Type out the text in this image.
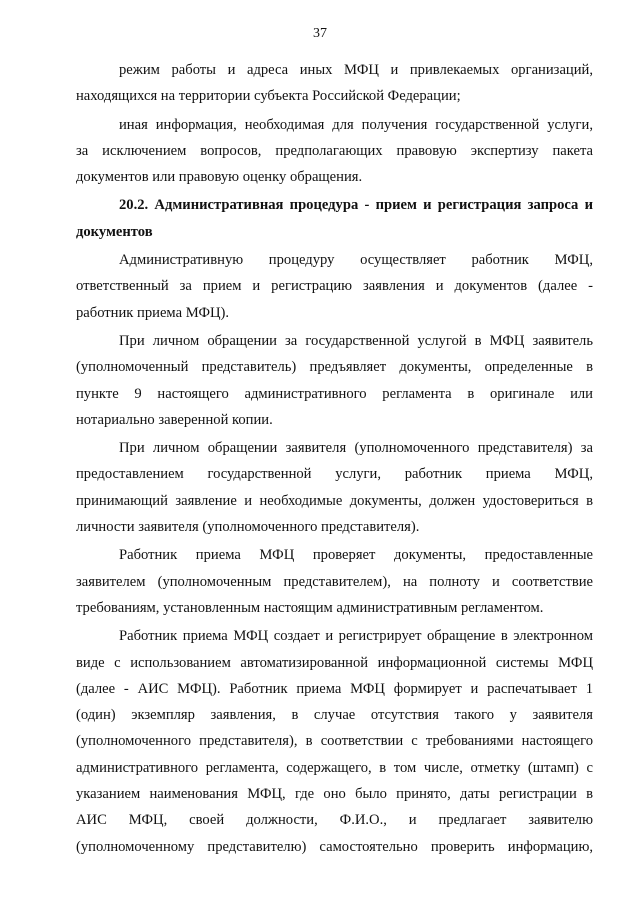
37
режим работы и адреса иных МФЦ и привлекаемых организаций,
находящихся на территории субъекта Российской Федерации;
иная информация, необходимая для получения государственной услуги,
за исключением вопросов, предполагающих правовую экспертизу пакета
документов или правовую оценку обращения.
20.2. Административная процедура - прием и регистрация запроса и
документов
Административную процедуру осуществляет работник МФЦ,
ответственный за прием и регистрацию заявления и документов (далее -
работник приема МФЦ).
При личном обращении за государственной услугой в МФЦ заявитель
(уполномоченный представитель) предъявляет документы, определенные в
пункте 9 настоящего административного регламента в оригинале или
нотариально заверенной копии.
При личном обращении заявителя (уполномоченного представителя) за
предоставлением государственной услуги, работник приема МФЦ,
принимающий заявление и необходимые документы, должен удостовериться в
личности заявителя (уполномоченного представителя).
Работник приема МФЦ проверяет документы, предоставленные
заявителем (уполномоченным представителем), на полноту и соответствие
требованиям, установленным настоящим административным регламентом.
Работник приема МФЦ создает и регистрирует обращение в электронном
виде с использованием автоматизированной информационной системы МФЦ
(далее - АИС МФЦ). Работник приема МФЦ формирует и распечатывает 1
(один) экземпляр заявления, в случае отсутствия такого у заявителя
(уполномоченного представителя), в соответствии с требованиями настоящего
административного регламента, содержащего, в том числе, отметку (штамп) с
указанием наименования МФЦ, где оно было принято, даты регистрации в
АИС МФЦ, своей должности, Ф.И.О., и предлагает заявителю
(уполномоченному представителю) самостоятельно проверить информацию,
